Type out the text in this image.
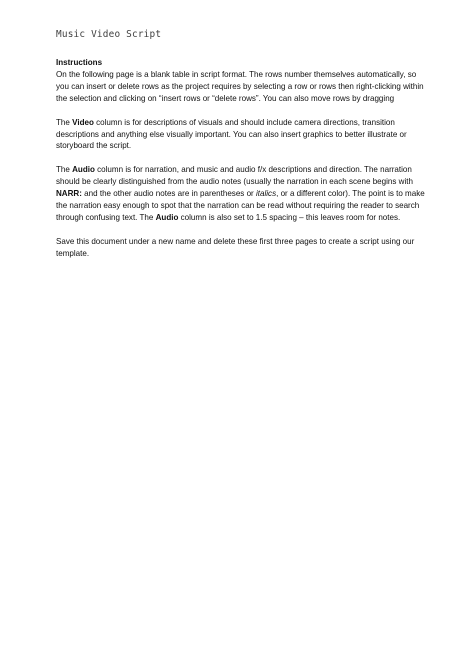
Music Video Script

Instructions

On the following page is a blank table in script format. The rows number themselves automatically, so you can insert or delete rows as the project requires by selecting a row or rows then right-clicking within the selection and clicking on “insert rows or “delete rows”. You can also move rows by dragging

The Video column is for descriptions of visuals and should include camera directions, transition descriptions and anything else visually important. You can also insert graphics to better illustrate or storyboard the script.

The Audio column is for narration, and music and audio f/x descriptions and direction. The narration should be clearly distinguished from the audio notes (usually the narration in each scene begins with NARR: and the other audio notes are in parentheses or italics, or a different color). The point is to make the narration easy enough to spot that the narration can be read without requiring the reader to search through confusing text. The Audio column is also set to 1.5 spacing – this leaves room for notes.

Save this document under a new name and delete these first three pages to create a script using our template.
